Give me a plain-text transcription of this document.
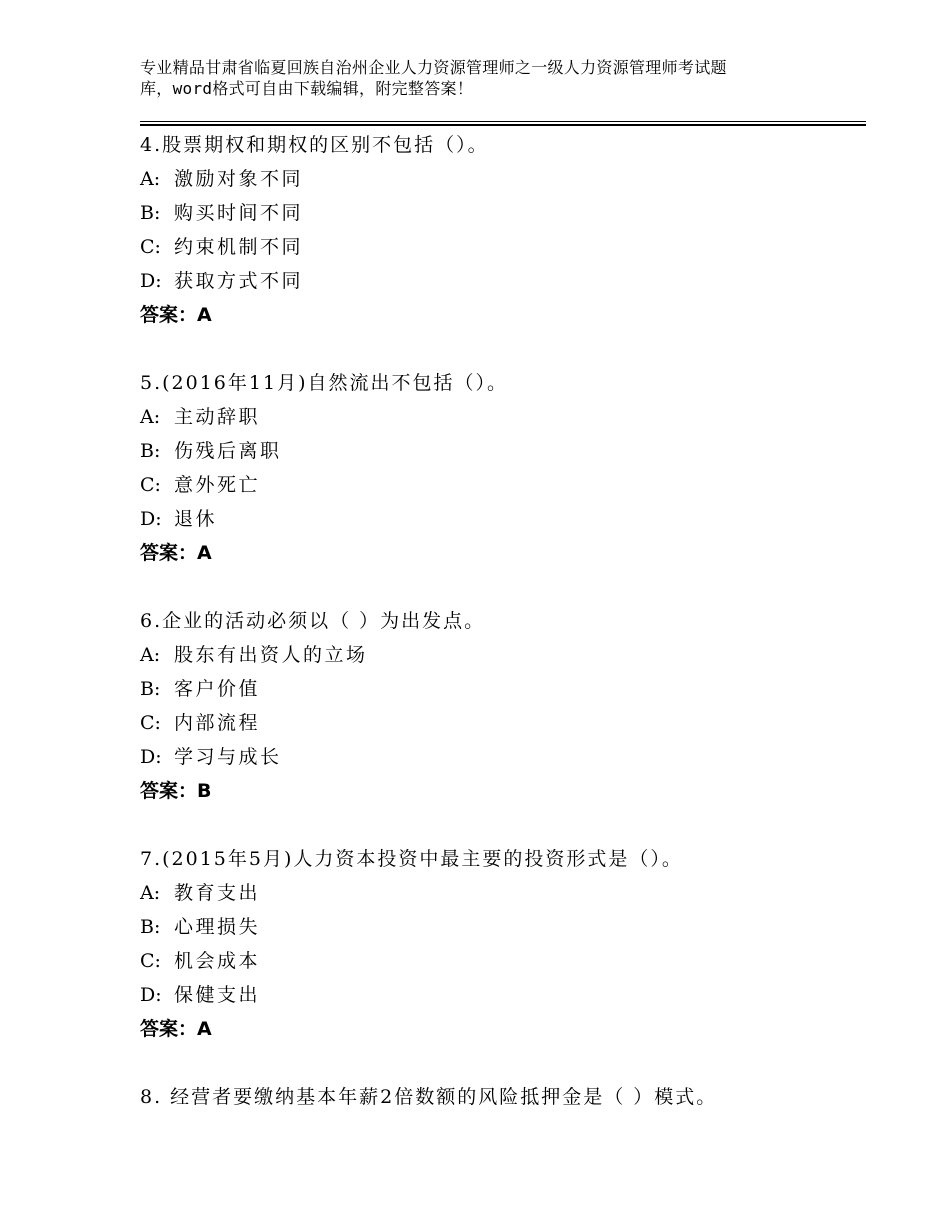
专业精品甘肃省临夏回族自治州企业人力资源管理师之一级人力资源管理师考试题
库，word格式可自由下载编辑，附完整答案！
4.股票期权和期权的区别不包括（）。
A: 激励对象不同
B: 购买时间不同
C: 约束机制不同
D: 获取方式不同
答案：A
5.(2016年11月)自然流出不包括（）。
A: 主动辞职
B: 伤残后离职
C: 意外死亡
D: 退休
答案：A
6.企业的活动必须以（ ）为出发点。
A: 股东有出资人的立场
B: 客户价值
C: 内部流程
D: 学习与成长
答案：B
7.(2015年5月)人力资本投资中最主要的投资形式是（）。
A: 教育支出
B: 心理损失
C: 机会成本
D: 保健支出
答案：A
8. 经营者要缴纳基本年薪2倍数额的风险抵押金是（ ）模式。
